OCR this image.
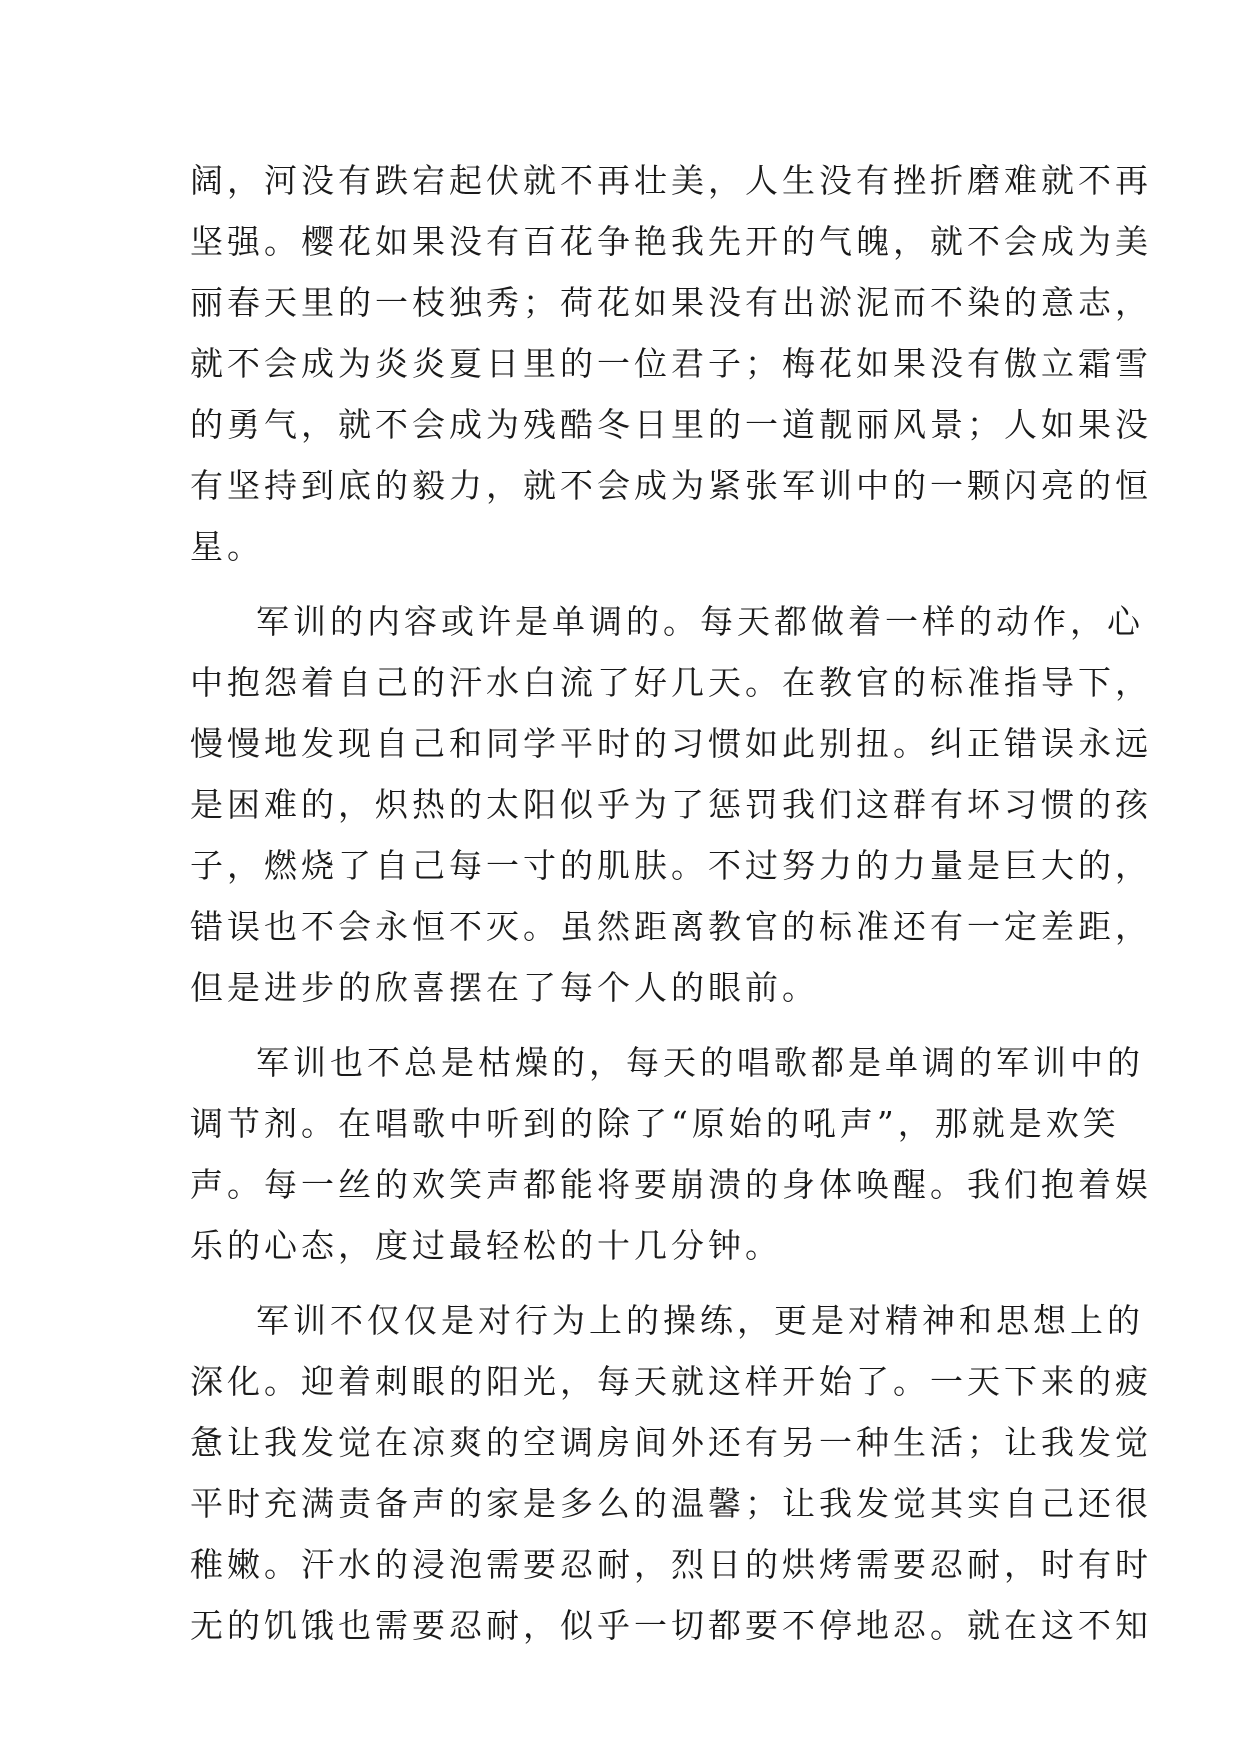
阔，河没有跌宕起伏就不再壮美，人生没有挫折磨难就不再
坚强。樱花如果没有百花争艳我先开的气魄，就不会成为美
丽春天里的一枝独秀；荷花如果没有出淤泥而不染的意志，
就不会成为炎炎夏日里的一位君子；梅花如果没有傲立霜雪
的勇气，就不会成为残酷冬日里的一道靓丽风景；人如果没
有坚持到底的毅力，就不会成为紧张军训中的一颗闪亮的恒
星。
军训的内容或许是单调的。每天都做着一样的动作，心
中抱怨着自己的汗水白流了好几天。在教官的标准指导下，
慢慢地发现自己和同学平时的习惯如此别扭。纠正错误永远
是困难的，炽热的太阳似乎为了惩罚我们这群有坏习惯的孩
子，燃烧了自己每一寸的肌肤。不过努力的力量是巨大的，
错误也不会永恒不灭。虽然距离教官的标准还有一定差距，
但是进步的欣喜摆在了每个人的眼前。
军训也不总是枯燥的，每天的唱歌都是单调的军训中的
调节剂。在唱歌中听到的除了“原始的吼声”，那就是欢笑
声。每一丝的欢笑声都能将要崩溃的身体唤醒。我们抱着娱
乐的心态，度过最轻松的十几分钟。
军训不仅仅是对行为上的操练，更是对精神和思想上的
深化。迎着刺眼的阳光，每天就这样开始了。一天下来的疲
惫让我发觉在凉爽的空调房间外还有另一种生活；让我发觉
平时充满责备声的家是多么的温馨；让我发觉其实自己还很
稚嫩。汗水的浸泡需要忍耐，烈日的烘烤需要忍耐，时有时
无的饥饿也需要忍耐，似乎一切都要不停地忍。就在这不知
